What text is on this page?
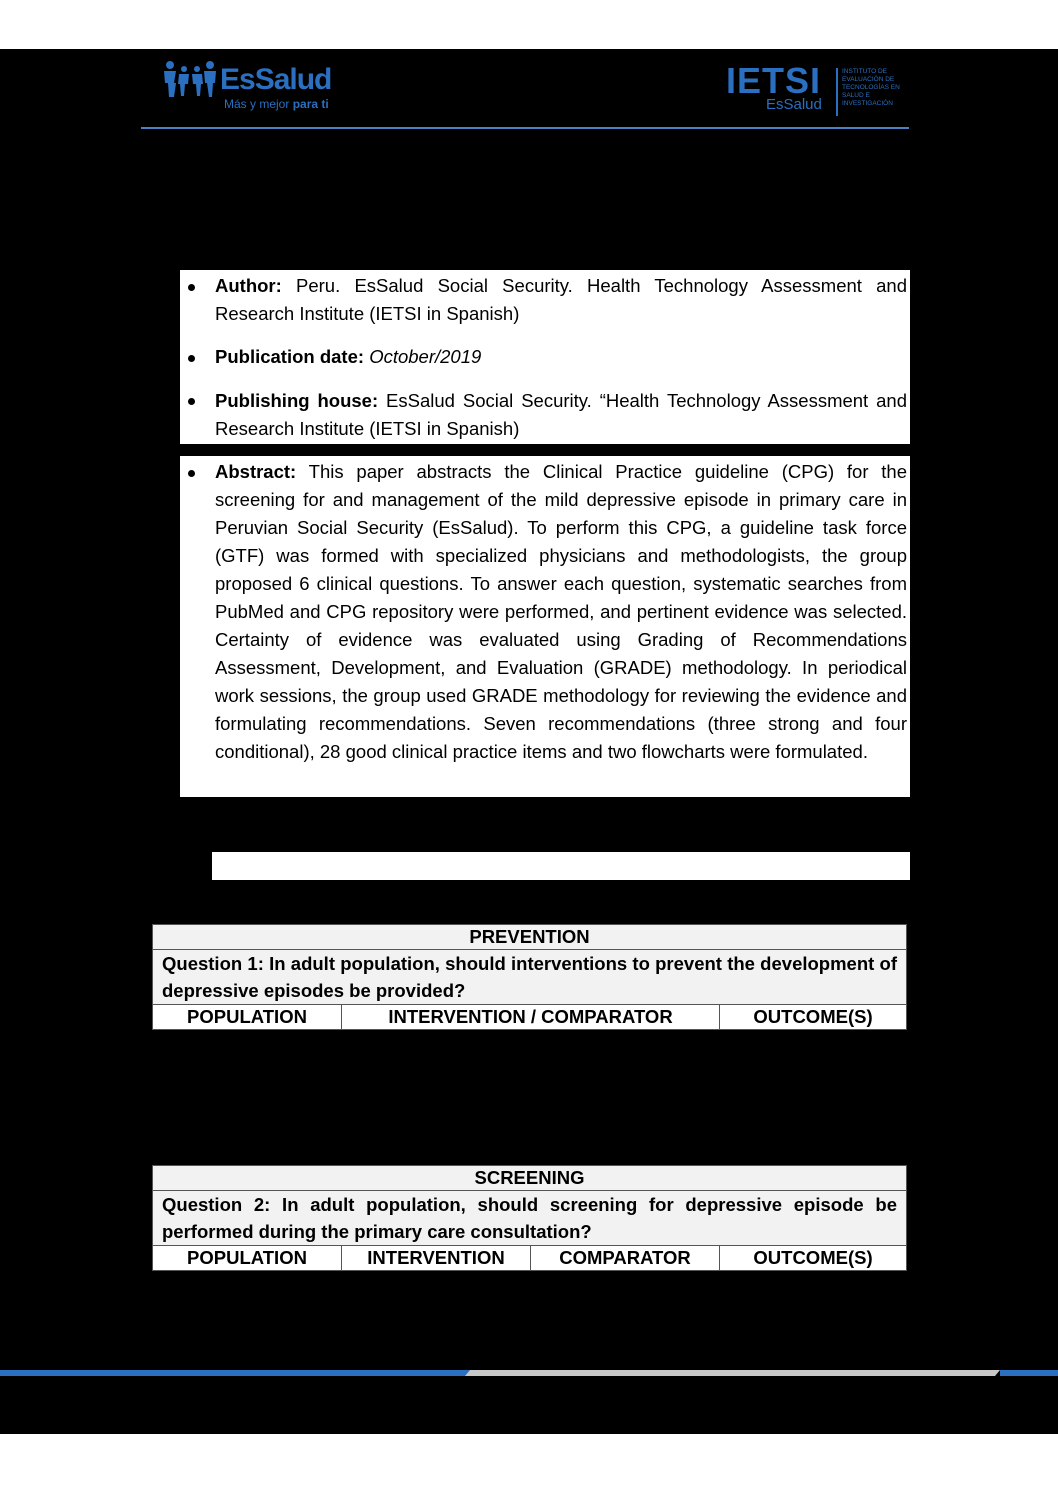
EsSalud
Más y mejor para ti
IETSI
EsSalud
INSTITUTO DE
EVALUACIÓN DE
TECNOLOGÍAS EN
SALUD E
INVESTIGACIÓN
Author: Peru. EsSalud Social Security. Health Technology Assessment and Research Institute (IETSI in Spanish)
Publication date: October/2019
Publishing house: EsSalud Social Security. “Health Technology Assessment and Research Institute (IETSI in Spanish)
Abstract: This paper abstracts the Clinical Practice guideline (CPG) for the screening for and management of the mild depressive episode in primary care in Peruvian Social Security (EsSalud). To perform this CPG, a guideline task force (GTF) was formed with specialized physicians and methodologists, the group proposed 6 clinical questions. To answer each question, systematic searches from PubMed and CPG repository were performed, and pertinent evidence was selected. Certainty of evidence was evaluated using Grading of Recommendations Assessment, Development, and Evaluation (GRADE) methodology. In periodical work sessions, the group used GRADE methodology for reviewing the evidence and formulating recommendations. Seven recommendations (three strong and four conditional), 28 good clinical practice items and two flowcharts were formulated.
PREVENTION
Question 1: In adult population, should interventions to prevent the development of depressive episodes be provided?
POPULATION	INTERVENTION / COMPARATOR	OUTCOME(S)
SCREENING
Question 2: In adult population, should screening for depressive episode be performed during the primary care consultation?
POPULATION	INTERVENTION	COMPARATOR	OUTCOME(S)
